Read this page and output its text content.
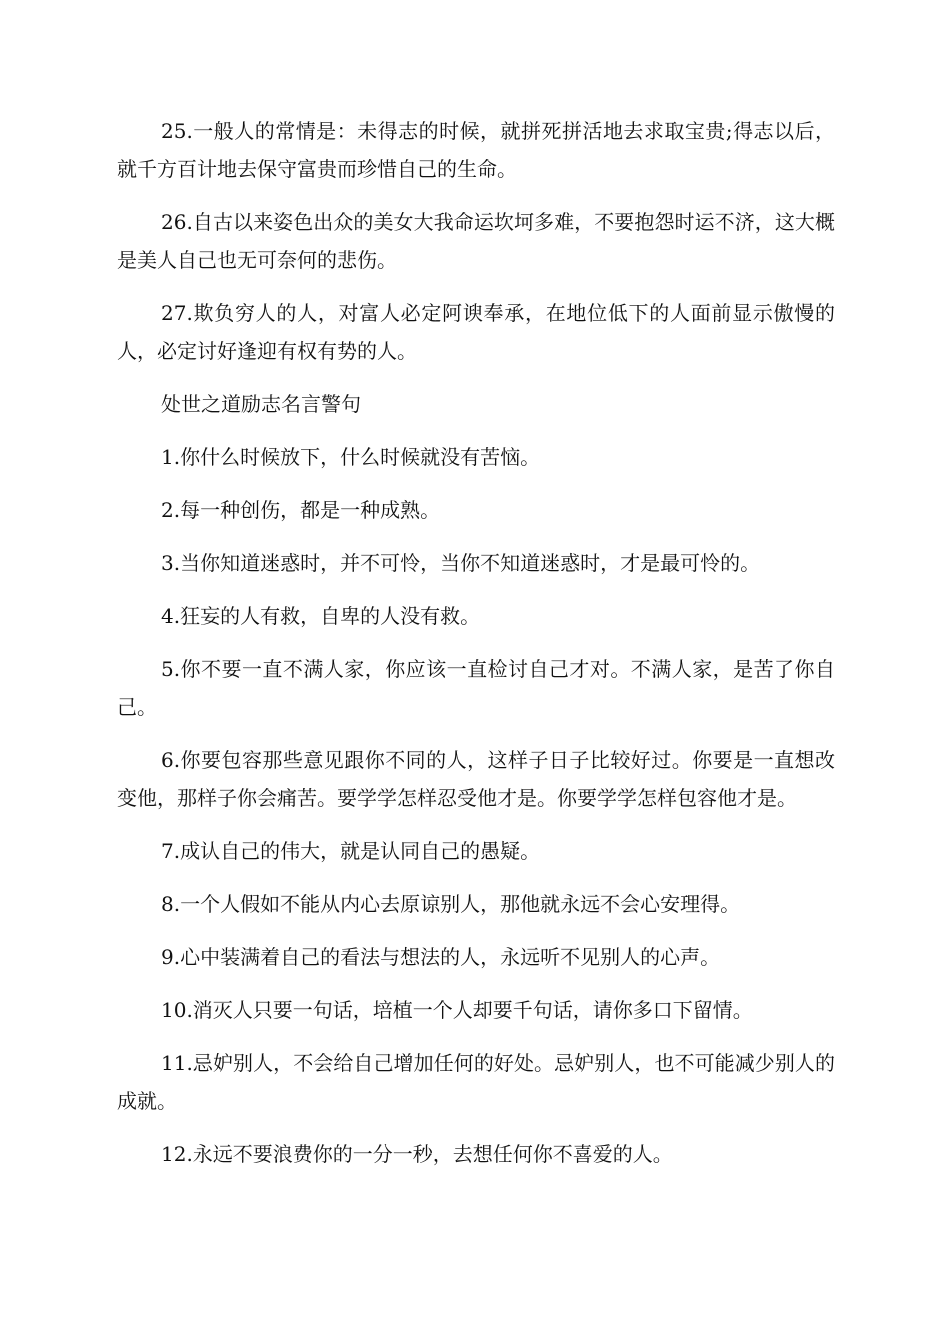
25.一般人的常情是：未得志的时候，就拼死拼活地去求取宝贵;得志以后，就千方百计地去保守富贵而珍惜自己的生命。

26.自古以来姿色出众的美女大我命运坎坷多难，不要抱怨时运不济，这大概是美人自己也无可奈何的悲伤。

27.欺负穷人的人，对富人必定阿谀奉承，在地位低下的人面前显示傲慢的人，必定讨好逢迎有权有势的人。

处世之道励志名言警句

1.你什么时候放下，什么时候就没有苦恼。

2.每一种创伤，都是一种成熟。

3.当你知道迷惑时，并不可怜，当你不知道迷惑时，才是最可怜的。

4.狂妄的人有救，自卑的人没有救。

5.你不要一直不满人家，你应该一直检讨自己才对。不满人家，是苦了你自己。

6.你要包容那些意见跟你不同的人，这样子日子比较好过。你要是一直想改变他，那样子你会痛苦。要学学怎样忍受他才是。你要学学怎样包容他才是。

7.成认自己的伟大，就是认同自己的愚疑。

8.一个人假如不能从内心去原谅别人，那他就永远不会心安理得。

9.心中装满着自己的看法与想法的人，永远听不见别人的心声。

10.消灭人只要一句话，培植一个人却要千句话，请你多口下留情。

11.忌妒别人，不会给自己增加任何的好处。忌妒别人，也不可能减少别人的成就。

12.永远不要浪费你的一分一秒，去想任何你不喜爱的人。
